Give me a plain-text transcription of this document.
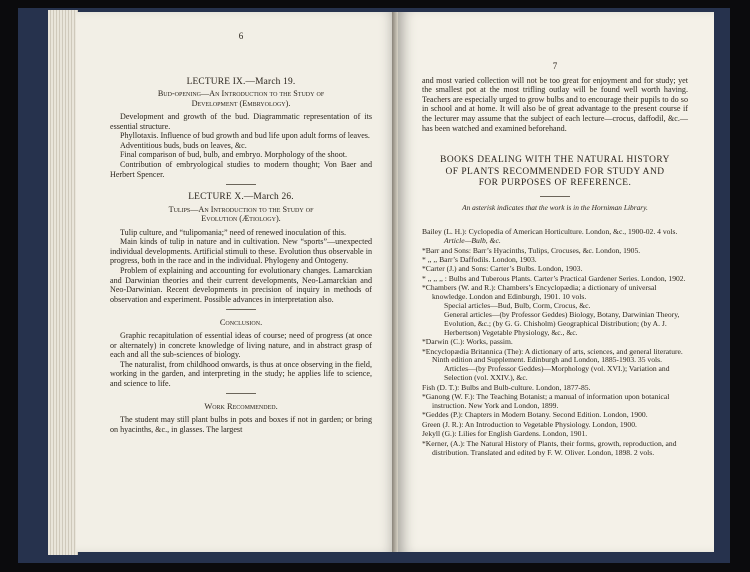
6
LECTURE IX.—March 19.
Bud-opening—An Introduction to the Study of
Development (Embryology).

Development and growth of the bud. Diagrammatic representation of its essential structure.

Phyllotaxis. Influence of bud growth and bud life upon adult forms of leaves.

Adventitious buds, buds on leaves, &c.

Final comparison of bud, bulb, and embryo. Morphology of the shoot.

Contribution of embryological studies to modern thought; Von Baer and Herbert Spencer.

LECTURE X.—March 26.
Tulips—An Introduction to the Study of
Evolution (Ætiology).

Tulip culture, and “tulipomania;” need of renewed inoculation of this.

Main kinds of tulip in nature and in cultivation. New “sports”—unexpected individual developments. Artificial stimuli to these. Evolution thus observable in progress, both in the race and in the individual. Phylogeny and Ontogeny.

Problem of explaining and accounting for evolutionary changes. Lamarckian and Darwinian theories and their current developments, Neo-Lamarckian and Neo-Darwinian. Recent developments in precision of inquiry in methods of observation and experiment. Possible advances in interpretation also.

Conclusion.

Graphic recapitulation of essential ideas of course; need of progress (at once or alternately) in concrete knowledge of living nature, and in abstract grasp of each and all the sub-sciences of biology.

The naturalist, from childhood onwards, is thus at once observing in the field, working in the garden, and interpreting in the study; he applies life to science, and science to life.

Work Recommended.

The student may still plant bulbs in pots and boxes if not in garden; or bring on hyacinths, &c., in glasses. The largest

7

and most varied collection will not be too great for enjoyment and for study; yet the smallest pot at the most trifling outlay will be found well worth having. Teachers are especially urged to grow bulbs and to encourage their pupils to do so in school and at home. It will also be of great advantage to the present course if the lecturer may assume that the subject of each lecture—crocus, daffodil, &c.—has been watched and examined beforehand.

BOOKS DEALING WITH THE NATURAL HISTORY
OF PLANTS RECOMMENDED FOR STUDY AND
FOR PURPOSES OF REFERENCE.
An asterisk indicates that the work is in the Horniman Library.
Bailey (L. H.): Cyclopedia of American Horticulture. London, &c., 1900-02. 4 vols.
Article—Bulb, &c.
*Barr and Sons: Barr’s Hyacinths, Tulips, Crocuses, &c. London, 1905.
* ,, ,, Barr’s Daffodils. London, 1903.
*Carter (J.) and Sons: Carter’s Bulbs. London, 1903.
* ,, ,, ,, : Bulbs and Tuberous Plants. Carter’s Practical Gardener Series. London, 1902.
*Chambers (W. and R.): Chambers’s Encyclopædia; a dictionary of universal knowledge. London and Edinburgh, 1901. 10 vols.
Special articles—Bud, Bulb, Corm, Crocus, &c.
General articles—(by Professor Geddes) Biology, Botany, Darwinian Theory, Evolution, &c.; (by G. G. Chisholm) Geographical Distribution; (by A. J. Herbertson) Vegetable Physiology, &c., &c.
*Darwin (C.): Works, passim.
*Encyclopædia Britannica (The): A dictionary of arts, sciences, and general literature. Ninth edition and Supplement. Edinburgh and London, 1885-1903. 35 vols.
Articles—(by Professor Geddes)—Morphology (vol. XVI.); Variation and Selection (vol. XXIV.), &c.
Fish (D. T.): Bulbs and Bulb-culture. London, 1877-85.
*Ganong (W. F.): The Teaching Botanist; a manual of information upon botanical instruction. New York and London, 1899.
*Geddes (P.): Chapters in Modern Botany. Second Edition. London, 1900.
Green (J. R.): An Introduction to Vegetable Physiology. London, 1900.
Jekyll (G.): Lilies for English Gardens. London, 1901.
*Kerner, (A.): The Natural History of Plants, their forms, growth, reproduction, and distribution. Translated and edited by F. W. Oliver. London, 1898. 2 vols.
